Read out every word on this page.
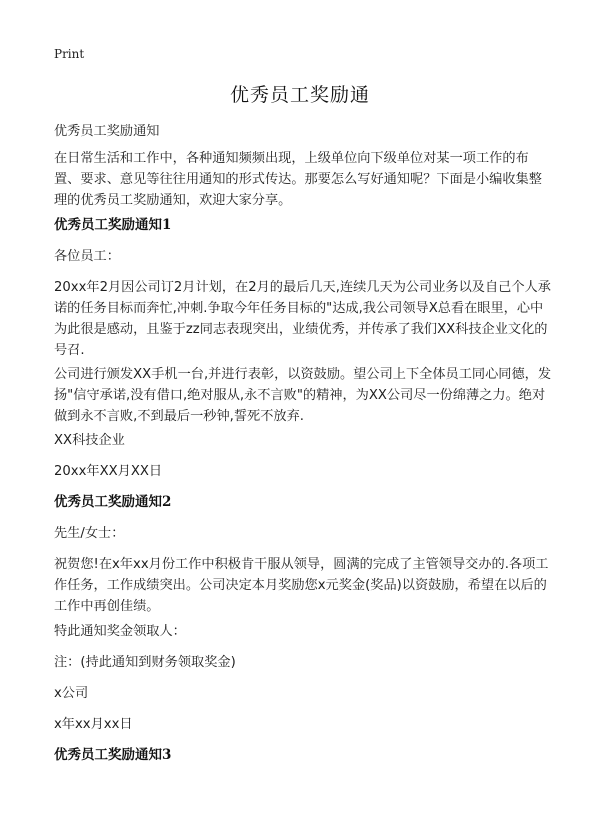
Print
优秀员工奖励通
优秀员工奖励通知
在日常生活和工作中，各种通知频频出现，上级单位向下级单位对某一项工作的布置、要求、意见等往往用通知的形式传达。那要怎么写好通知呢？下面是小编收集整理的优秀员工奖励通知，欢迎大家分享。
优秀员工奖励通知1
各位员工：
20xx年2月因公司订2月计划，在2月的最后几天,连续几天为公司业务以及自己个人承诺的任务目标而奔忙,冲刺.争取今年任务目标的"达成,我公司领导X总看在眼里，心中为此很是感动，且鉴于zz同志表现突出，业绩优秀，并传承了我们XX科技企业文化的号召.
公司进行颁发XX手机一台,并进行表彰，以资鼓励。望公司上下全体员工同心同德，发扬"信守承诺,没有借口,绝对服从,永不言败"的精神，为XX公司尽一份绵薄之力。绝对做到永不言败,不到最后一秒钟,誓死不放弃.
XX科技企业
20xx年XX月XX日
优秀员工奖励通知2
先生/女士：
祝贺您!在x年xx月份工作中积极肯干服从领导，圆满的完成了主管领导交办的.各项工作任务，工作成绩突出。公司决定本月奖励您x元奖金(奖品)以资鼓励，希望在以后的工作中再创佳绩。
特此通知奖金领取人：
注：(持此通知到财务领取奖金)
x公司
x年xx月xx日
优秀员工奖励通知3
